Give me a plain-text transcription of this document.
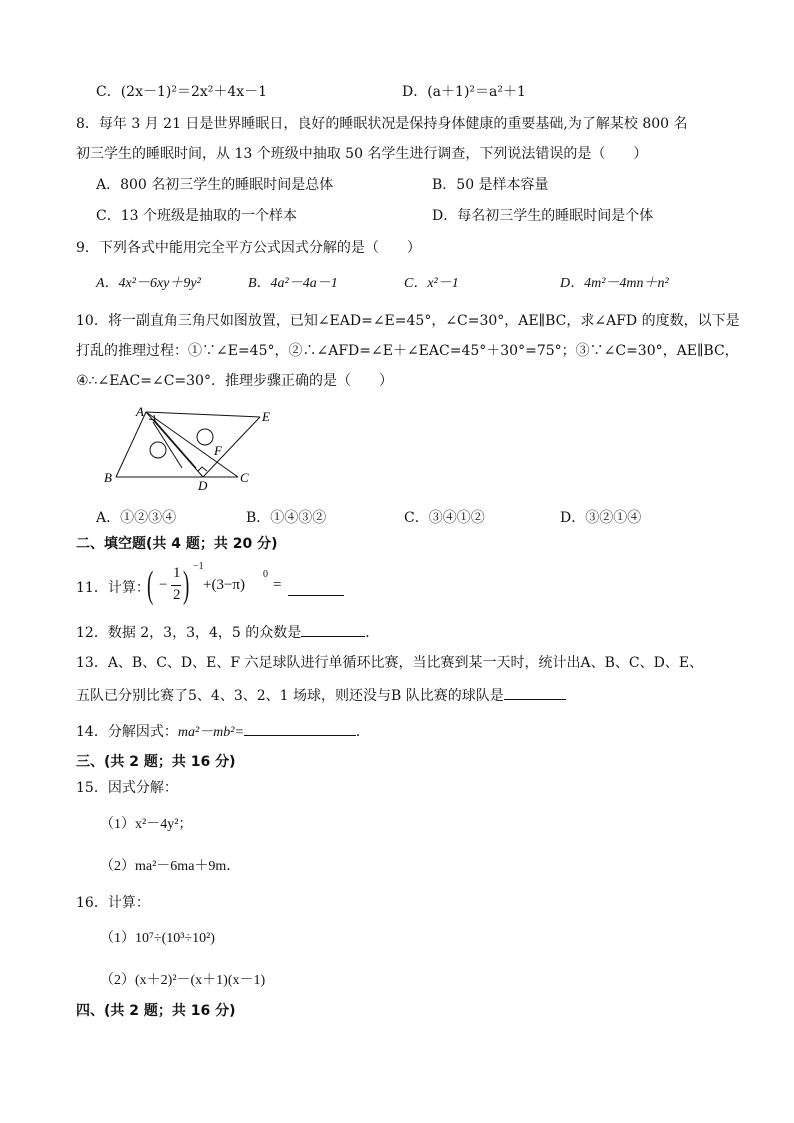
C．(2x－1)²＝2x²＋4x－1	D．(a＋1)²＝a²＋1
8．每年 3 月 21 日是世界睡眠日，良好的睡眠状况是保持身体健康的重要基础,为了解某校 800 名
初三学生的睡眠时间，从 13 个班级中抽取 50 名学生进行调查，下列说法错误的是（　　）
A．800 名初三学生的睡眠时间是总体	B．50 是样本容量
C．13 个班级是抽取的一个样本	D．每名初三学生的睡眠时间是个体
9．下列各式中能用完全平方公式因式分解的是（　　）
A．4x²－6xy＋9y²	B．4a²－4a－1	C．x²－1	D．4m²－4mn＋n²
10．将一副直角三角尺如图放置，已知∠EAD=∠E=45°，∠C=30°，AE∥BC，求∠AFD 的度数，以下是
打乱的推理过程：①∵∠E=45°，②∴∠AFD=∠E＋∠EAC=45°＋30°=75°；③∵∠C=30°，AE∥BC，
④∴∠EAC=∠C=30°．推理步骤正确的是（　　）
A	E
B	C
D
F
A．①②③④	B．①④③②	C．③④①②	D．③②①④
二、填空题(共 4 题；共 20 分)
11．计算：
( −
1
2 ) −1
+(3−π)
0
=
12．数据 2，3，3，4，5 的众数是	．
13．A、B、C、D、E、F 六足球队进行单循环比赛，当比赛到某一天时，统计出A、B、C、D、E、
五队已分别比赛了5、4、3、2、1 场球，则还没与B 队比赛的球队是
14．分解因式：ma²－mb²=	．
三、(共 2 题；共 16 分)
15．因式分解：
（1）x²－4y²；
（2）ma²－6ma＋9m．
16．计算：
（1）10⁷÷(10³÷10²)
（2）(x＋2)²－(x＋1)(x－1)
四、(共 2 题；共 16 分)
